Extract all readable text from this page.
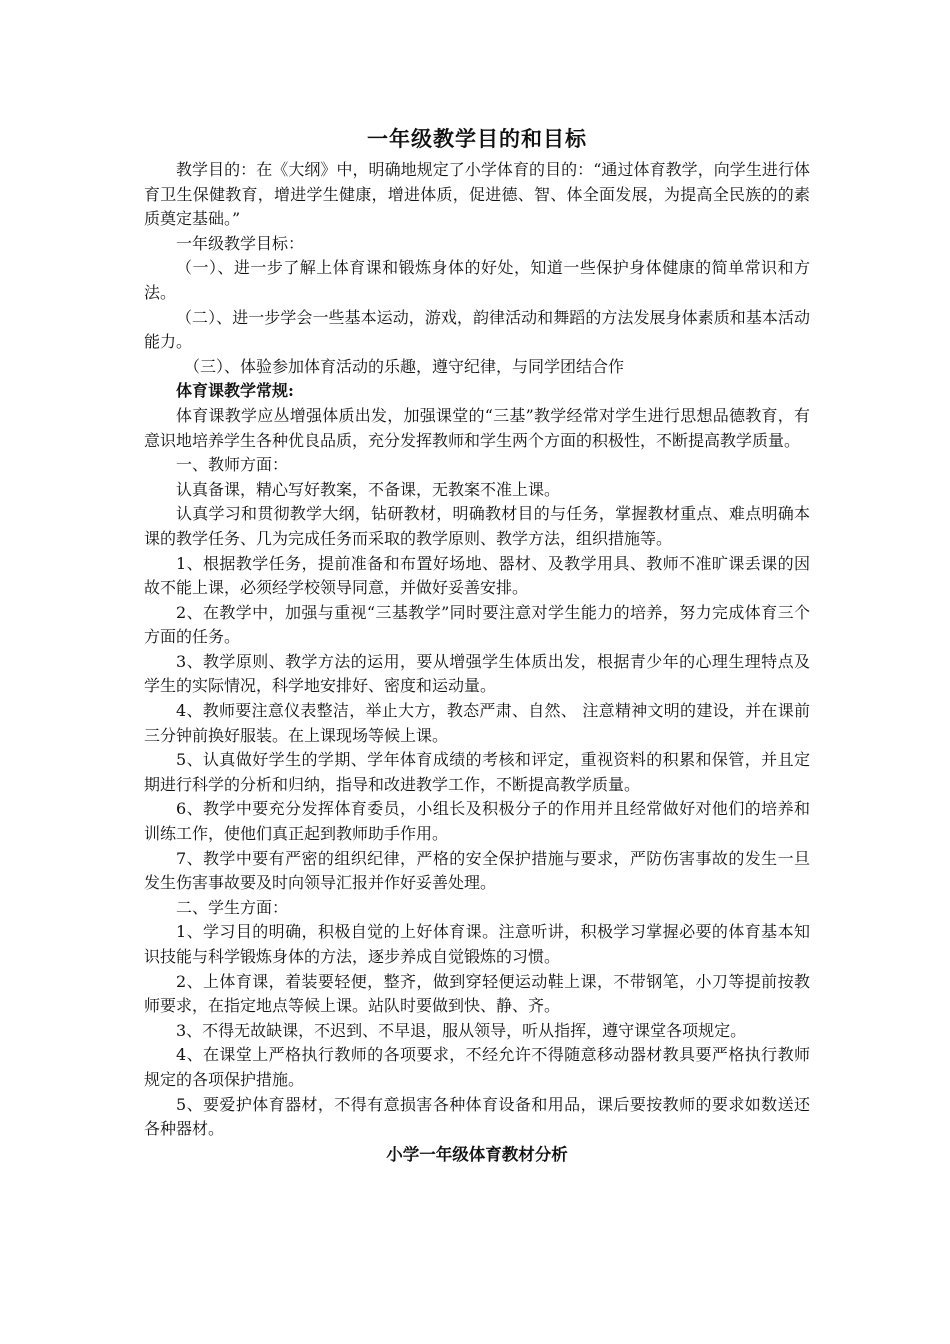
一年级教学目的和目标

教学目的：在《大纲》中，明确地规定了小学体育的目的：“通过体育教学，向学生进行体育卫生保健教育，增进学生健康，增进体质，促进德、智、体全面发展，为提高全民族的的素质奠定基础。”

一年级教学目标：

（一）、进一步了解上体育课和锻炼身体的好处，知道一些保护身体健康的简单常识和方法。

（二）、进一步学会一些基本运动，游戏，韵律活动和舞蹈的方法发展身体素质和基本活动能力。

（三）、体验参加体育活动的乐趣，遵守纪律，与同学团结合作

体育课教学常规:

体育课教学应丛增强体质出发，加强课堂的“三基”教学经常对学生进行思想品德教育，有意识地培养学生各种优良品质，充分发挥教师和学生两个方面的积极性，不断提高教学质量。

一、教师方面：

认真备课，精心写好教案，不备课，无教案不准上课。

认真学习和贯彻教学大纲，钻研教材，明确教材目的与任务，掌握教材重点、难点明确本课的教学任务、几为完成任务而采取的教学原则、教学方法，组织措施等。

1、根据教学任务，提前准备和布置好场地、器材、及教学用具、教师不准旷课丢课的因故不能上课，必须经学校领导同意，并做好妥善安排。

2、在教学中，加强与重视“三基教学”同时要注意对学生能力的培养，努力完成体育三个方面的任务。

3、教学原则、教学方法的运用，要从增强学生体质出发，根据青少年的心理生理特点及学生的实际情况，科学地安排好、密度和运动量。

4、教师要注意仪表整洁，举止大方，教态严肃、自然、 注意精神文明的建设，并在课前三分钟前换好服装。在上课现场等候上课。

5、认真做好学生的学期、学年体育成绩的考核和评定，重视资料的积累和保管，并且定期进行科学的分析和归纳，指导和改进教学工作，不断提高教学质量。

6、教学中要充分发挥体育委员，小组长及积极分子的作用并且经常做好对他们的培养和训练工作，使他们真正起到教师助手作用。

7、教学中要有严密的组织纪律，严格的安全保护措施与要求，严防伤害事故的发生一旦发生伤害事故要及时向领导汇报并作好妥善处理。

二、学生方面：

1、学习目的明确，积极自觉的上好体育课。注意听讲，积极学习掌握必要的体育基本知识技能与科学锻炼身体的方法，逐步养成自觉锻炼的习惯。

2、上体育课，着装要轻便，整齐，做到穿轻便运动鞋上课，不带钢笔，小刀等提前按教师要求，在指定地点等候上课。站队时要做到快、静、齐。

3、不得无故缺课，不迟到、不早退，服从领导，听从指挥，遵守课堂各项规定。

4、在课堂上严格执行教师的各项要求，不经允许不得随意移动器材教具要严格执行教师规定的各项保护措施。

5、要爱护体育器材，不得有意损害各种体育设备和用品，课后要按教师的要求如数送还各种器材。

小学一年级体育教材分析
